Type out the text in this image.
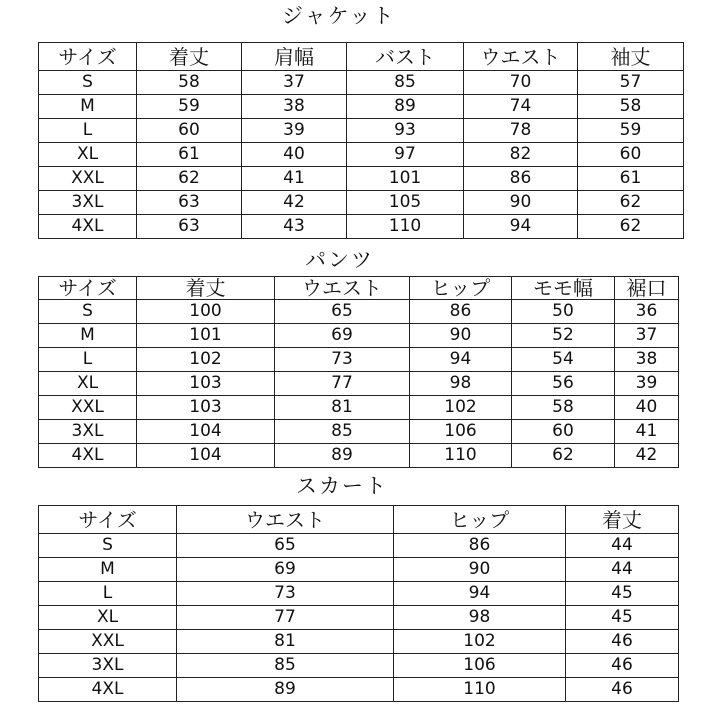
ジャケット
サイズ	着丈	肩幅	バスト	ウエスト	袖丈
S	58	37	85	70	57
M	59	38	89	74	58
L	60	39	93	78	59
XL	61	40	97	82	60
XXL	62	41	101	86	61
3XL	63	42	105	90	62
4XL	63	43	110	94	62
パンツ
サイズ	着丈	ウエスト	ヒップ	モモ幅	裾口
S	100	65	86	50	36
M	101	69	90	52	37
L	102	73	94	54	38
XL	103	77	98	56	39
XXL	103	81	102	58	40
3XL	104	85	106	60	41
4XL	104	89	110	62	42
スカート
サイズ	ウエスト	ヒップ	着丈
S	65	86	44
M	69	90	44
L	73	94	45
XL	77	98	45
XXL	81	102	46
3XL	85	106	46
4XL	89	110	46
